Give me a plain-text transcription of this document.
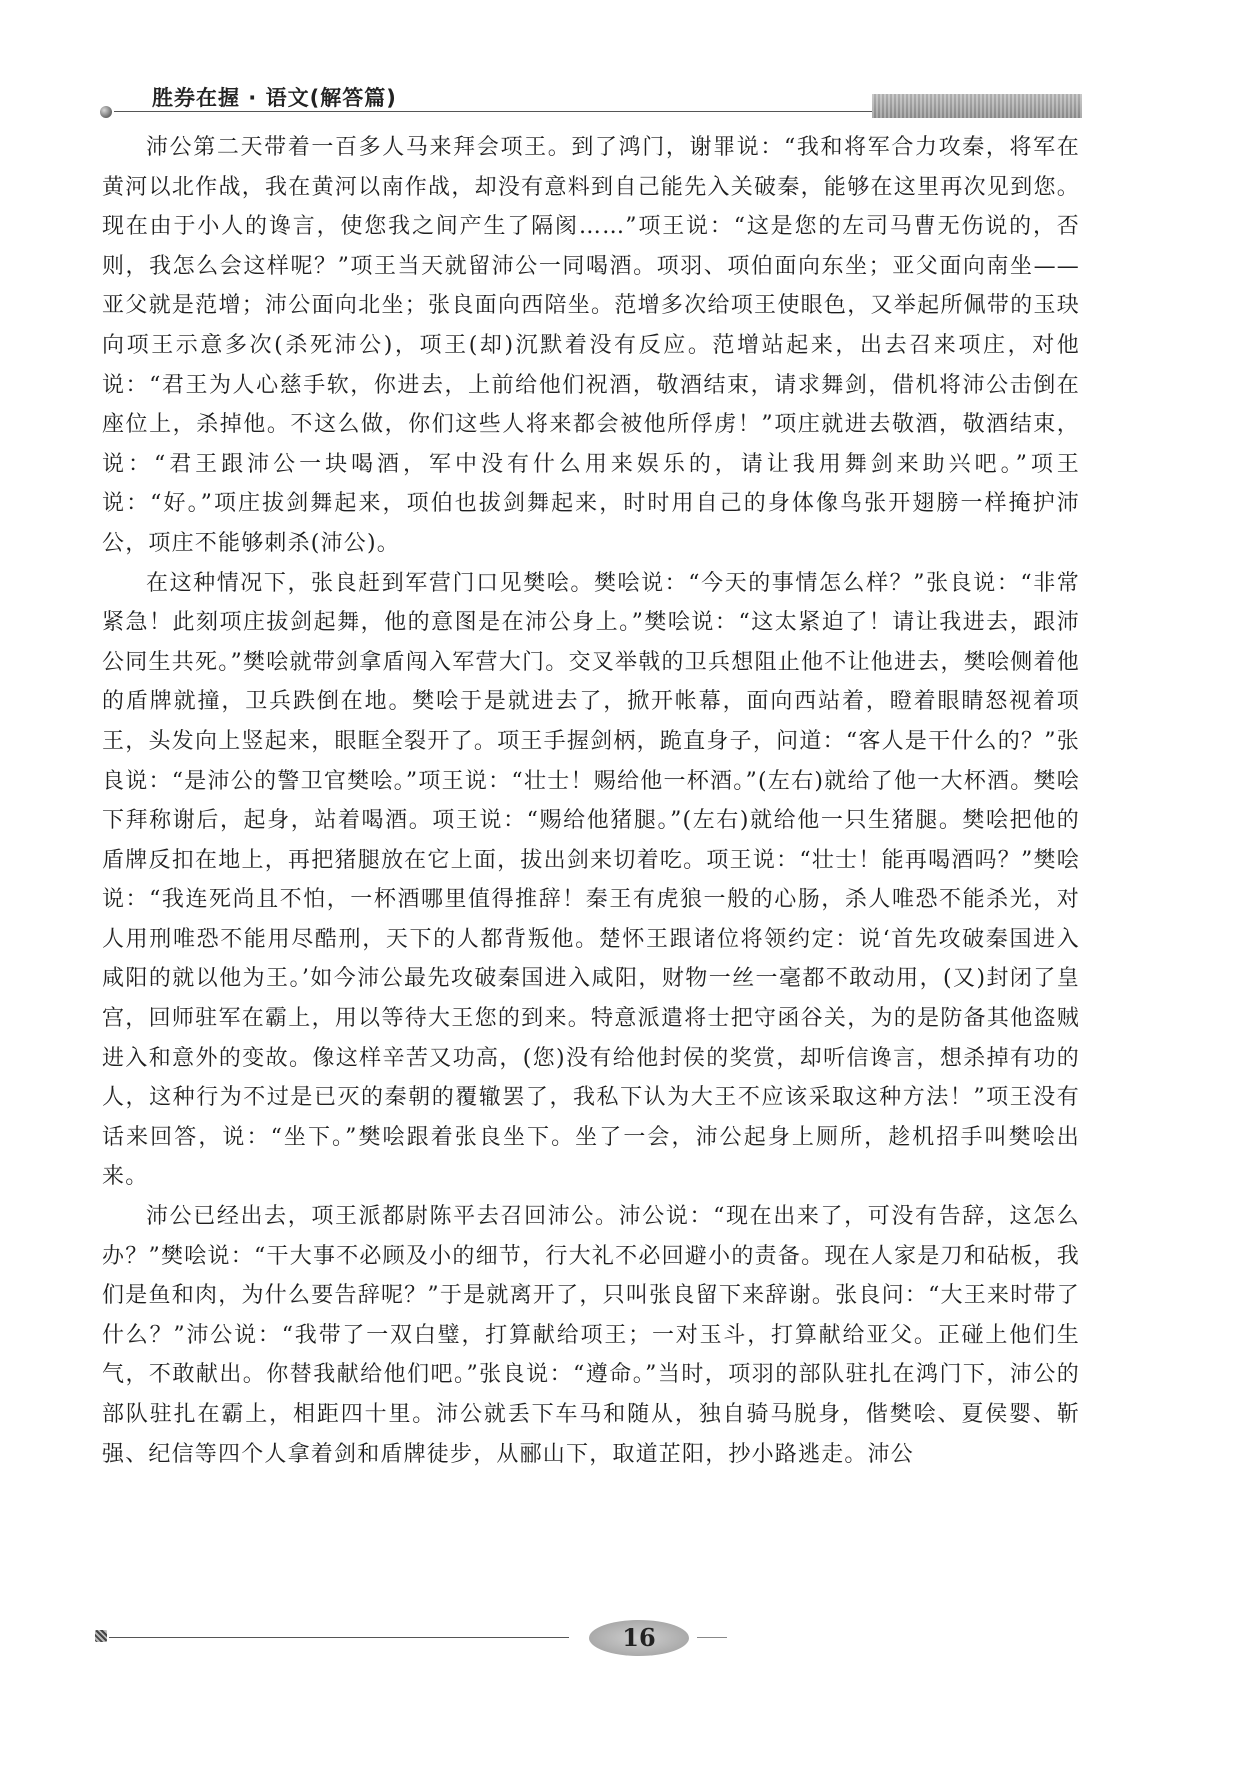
胜券在握 · 语文(解答篇)

沛公第二天带着一百多人马来拜会项王。到了鸿门，谢罪说：“我和将军合力攻秦，将军在黄河以北作战，我在黄河以南作战，却没有意料到自己能先入关破秦，能够在这里再次见到您。现在由于小人的谗言，使您我之间产生了隔阂……”项王说：“这是您的左司马曹无伤说的，否则，我怎么会这样呢？”项王当天就留沛公一同喝酒。项羽、项伯面向东坐；亚父面向南坐——亚父就是范增；沛公面向北坐；张良面向西陪坐。范增多次给项王使眼色，又举起所佩带的玉玦向项王示意多次(杀死沛公)，项王(却)沉默着没有反应。范增站起来，出去召来项庄，对他说：“君王为人心慈手软，你进去，上前给他们祝酒，敬酒结束，请求舞剑，借机将沛公击倒在座位上，杀掉他。不这么做，你们这些人将来都会被他所俘虏！”项庄就进去敬酒，敬酒结束，说：“君王跟沛公一块喝酒，军中没有什么用来娱乐的，请让我用舞剑来助兴吧。”项王说：“好。”项庄拔剑舞起来，项伯也拔剑舞起来，时时用自己的身体像鸟张开翅膀一样掩护沛公，项庄不能够刺杀(沛公)。

在这种情况下，张良赶到军营门口见樊哙。樊哙说：“今天的事情怎么样？”张良说：“非常紧急！此刻项庄拔剑起舞，他的意图是在沛公身上。”樊哙说：“这太紧迫了！请让我进去，跟沛公同生共死。”樊哙就带剑拿盾闯入军营大门。交叉举戟的卫兵想阻止他不让他进去，樊哙侧着他的盾牌就撞，卫兵跌倒在地。樊哙于是就进去了，掀开帐幕，面向西站着，瞪着眼睛怒视着项王，头发向上竖起来，眼眶全裂开了。项王手握剑柄，跪直身子，问道：“客人是干什么的？”张良说：“是沛公的警卫官樊哙。”项王说：“壮士！赐给他一杯酒。”(左右)就给了他一大杯酒。樊哙下拜称谢后，起身，站着喝酒。项王说：“赐给他猪腿。”(左右)就给他一只生猪腿。樊哙把他的盾牌反扣在地上，再把猪腿放在它上面，拔出剑来切着吃。项王说：“壮士！能再喝酒吗？”樊哙说：“我连死尚且不怕，一杯酒哪里值得推辞！秦王有虎狼一般的心肠，杀人唯恐不能杀光，对人用刑唯恐不能用尽酷刑，天下的人都背叛他。楚怀王跟诸位将领约定：说‘首先攻破秦国进入咸阳的就以他为王。’如今沛公最先攻破秦国进入咸阳，财物一丝一毫都不敢动用，(又)封闭了皇宫，回师驻军在霸上，用以等待大王您的到来。特意派遣将士把守函谷关，为的是防备其他盗贼进入和意外的变故。像这样辛苦又功高，(您)没有给他封侯的奖赏，却听信谗言，想杀掉有功的人，这种行为不过是已灭的秦朝的覆辙罢了，我私下认为大王不应该采取这种方法！”项王没有话来回答，说：“坐下。”樊哙跟着张良坐下。坐了一会，沛公起身上厕所，趁机招手叫樊哙出来。

沛公已经出去，项王派都尉陈平去召回沛公。沛公说：“现在出来了，可没有告辞，这怎么办？”樊哙说：“干大事不必顾及小的细节，行大礼不必回避小的责备。现在人家是刀和砧板，我们是鱼和肉，为什么要告辞呢？”于是就离开了，只叫张良留下来辞谢。张良问：“大王来时带了什么？”沛公说：“我带了一双白璧，打算献给项王；一对玉斗，打算献给亚父。正碰上他们生气，不敢献出。你替我献给他们吧。”张良说：“遵命。”当时，项羽的部队驻扎在鸿门下，沛公的部队驻扎在霸上，相距四十里。沛公就丢下车马和随从，独自骑马脱身，偕樊哙、夏侯婴、靳强、纪信等四个人拿着剑和盾牌徒步，从郦山下，取道芷阳，抄小路逃走。沛公

16
